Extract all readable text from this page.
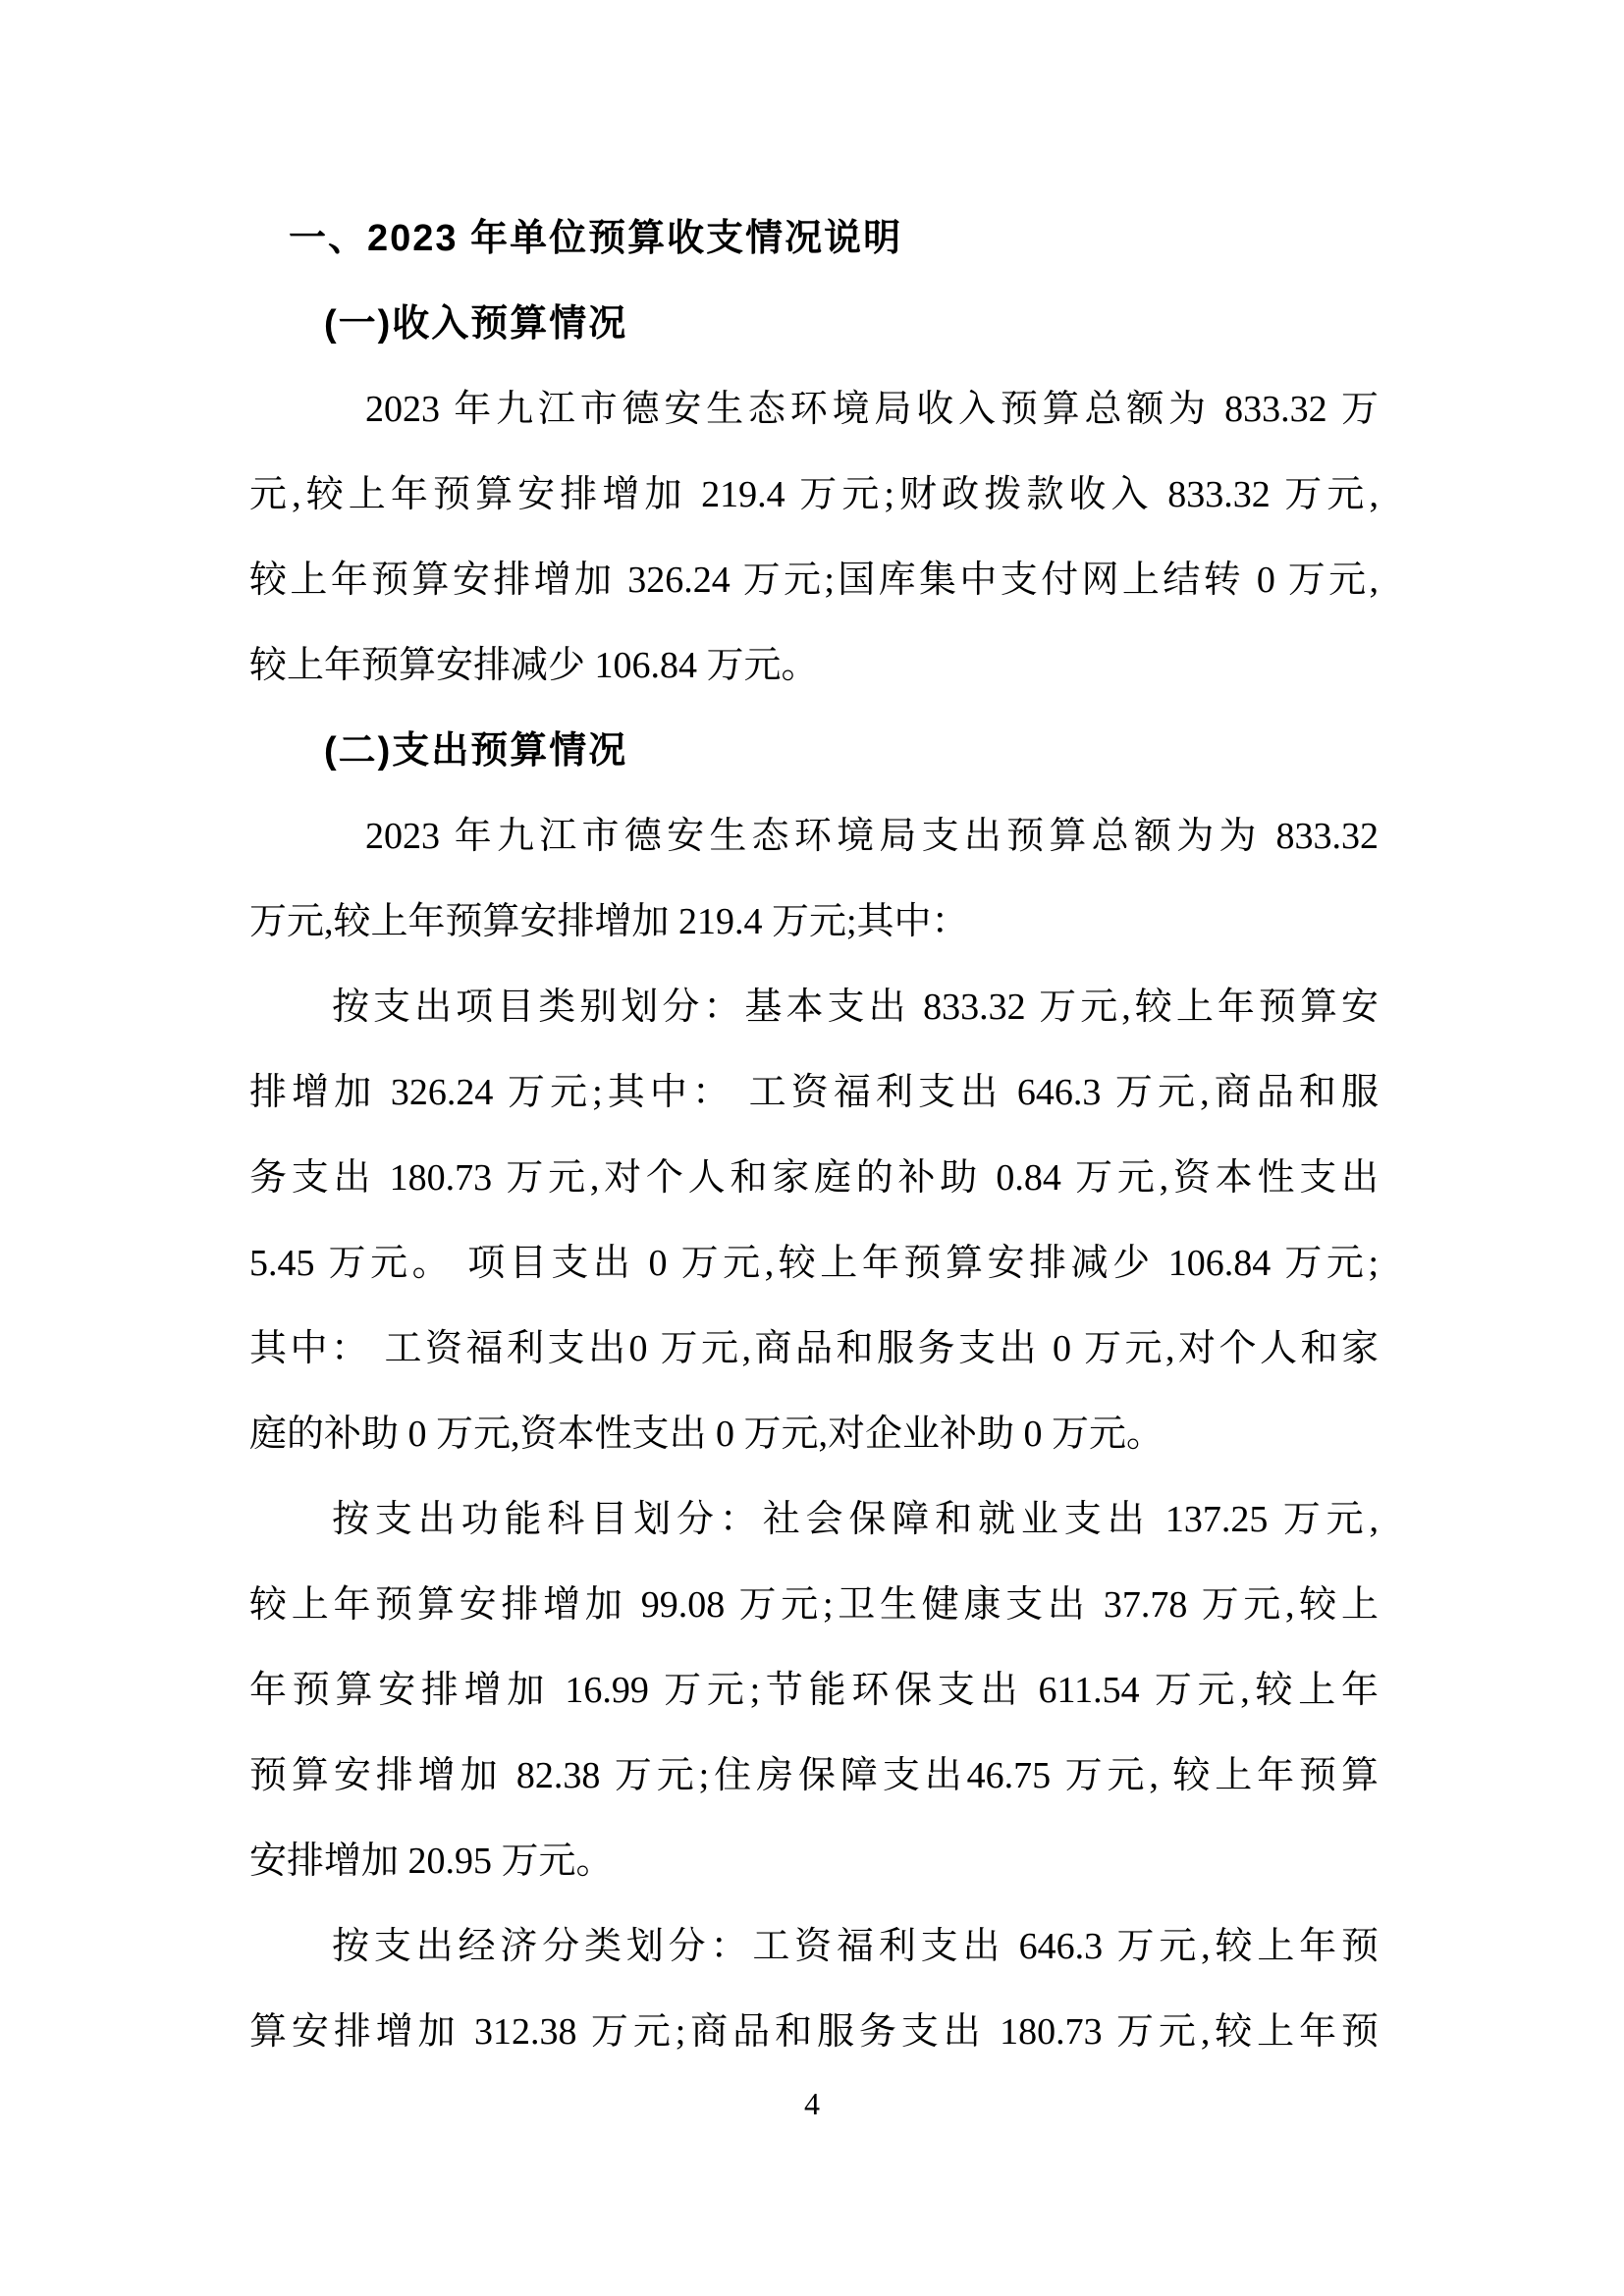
一、2023 年单位预算收支情况说明
(一)收入预算情况
2023 年九江市德安生态环境局收入预算总额为 833.32 万
元,较上年预算安排增加 219.4 万元;财政拨款收入 833.32 万元,
较上年预算安排增加 326.24 万元;国库集中支付网上结转 0 万元,
较上年预算安排减少 106.84 万元。
(二)支出预算情况
2023 年九江市德安生态环境局支出预算总额为为 833.32
万元,较上年预算安排增加 219.4 万元;其中：
按支出项目类别划分：基本支出 833.32 万元,较上年预算安
排增加 326.24 万元;其中： 工资福利支出 646.3 万元,商品和服
务支出 180.73 万元,对个人和家庭的补助 0.84 万元,资本性支出
5.45 万元。 项目支出 0 万元,较上年预算安排减少 106.84 万元;
其中： 工资福利支出0 万元,商品和服务支出 0 万元,对个人和家
庭的补助 0 万元,资本性支出 0 万元,对企业补助 0 万元。
按支出功能科目划分：社会保障和就业支出 137.25 万元,
较上年预算安排增加 99.08 万元;卫生健康支出 37.78 万元,较上
年预算安排增加 16.99 万元;节能环保支出 611.54 万元,较上年
预算安排增加 82.38 万元;住房保障支出46.75 万元, 较上年预算
安排增加 20.95 万元。
按支出经济分类划分：工资福利支出 646.3 万元,较上年预
算安排增加 312.38 万元;商品和服务支出 180.73 万元,较上年预
4
